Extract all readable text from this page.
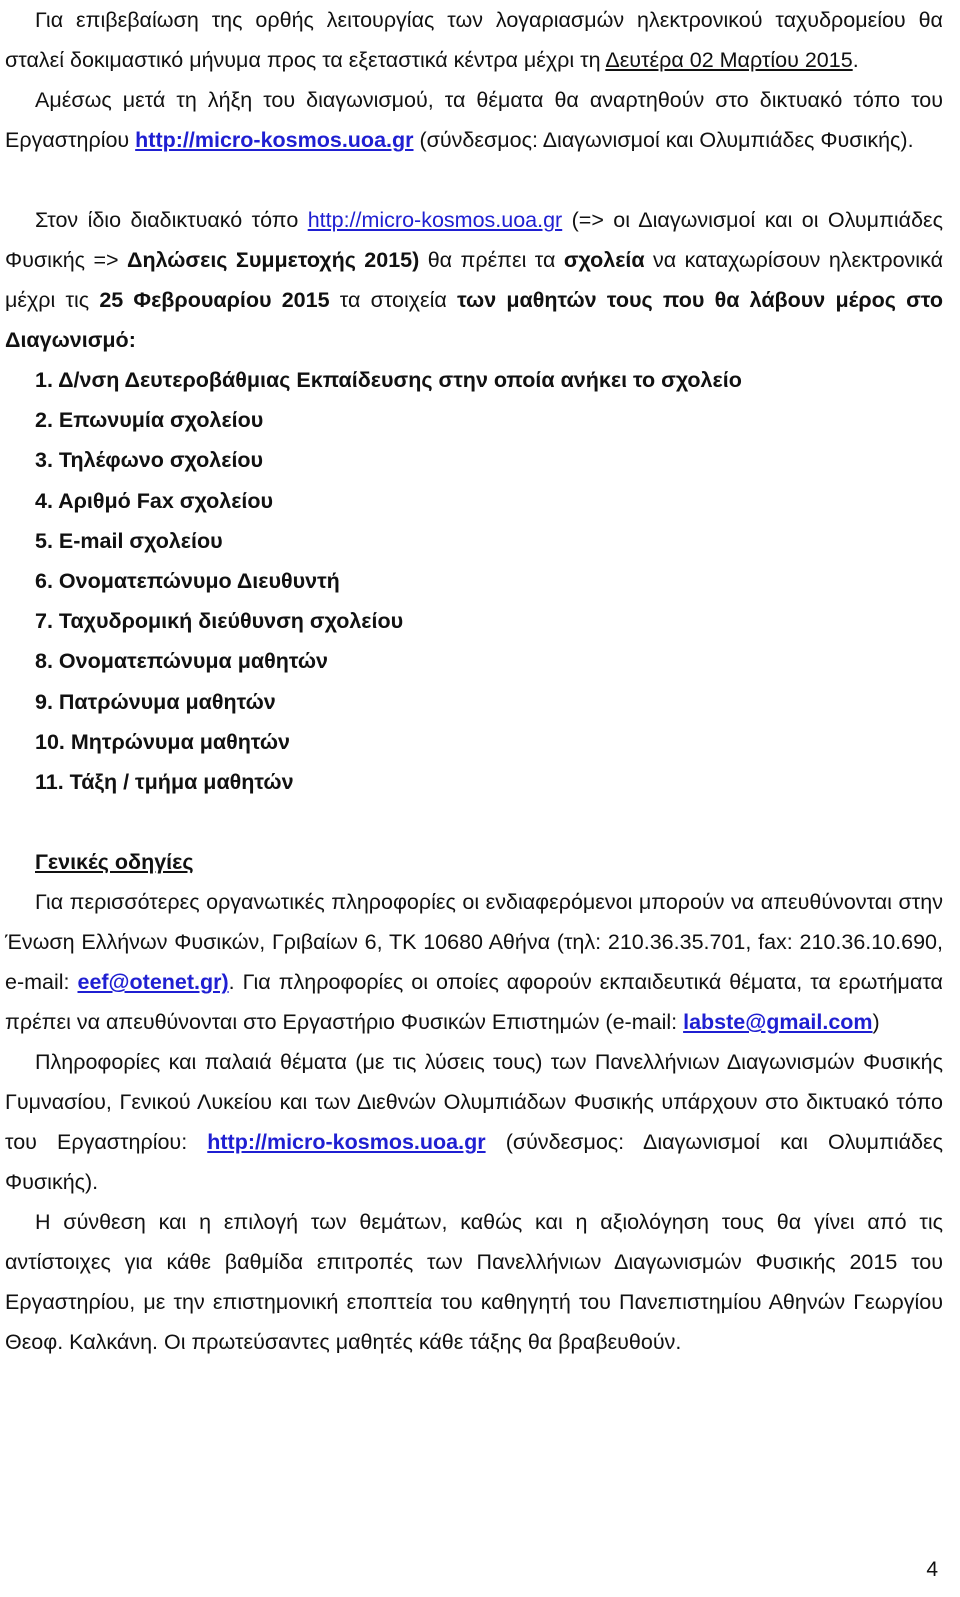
Για επιβεβαίωση της ορθής λειτουργίας των λογαριασμών ηλεκτρονικού ταχυδρομείου θα σταλεί δοκιμαστικό μήνυμα προς τα εξεταστικά κέντρα μέχρι τη Δευτέρα 02 Μαρτίου 2015.

Αμέσως μετά τη λήξη του διαγωνισμού, τα θέματα θα αναρτηθούν στο δικτυακό τόπο του Εργαστηρίου http://micro-kosmos.uoa.gr (σύνδεσμος: Διαγωνισμοί και Ολυμπιάδες Φυσικής).

Στον ίδιο διαδικτυακό τόπο http://micro-kosmos.uoa.gr (=> οι Διαγωνισμοί και οι Ολυμπιάδες Φυσικής => Δηλώσεις Συμμετοχής 2015) θα πρέπει τα σχολεία να καταχωρίσουν ηλεκτρονικά μέχρι τις 25 Φεβρουαρίου 2015 τα στοιχεία των μαθητών τους που θα λάβουν μέρος στο Διαγωνισμό:

1. Δ/νση Δευτεροβάθμιας Εκπαίδευσης στην οποία ανήκει το σχολείο
2. Επωνυμία σχολείου
3. Τηλέφωνο σχολείου
4. Αριθμό Fax σχολείου
5. E-mail σχολείου
6. Ονοματεπώνυμο Διευθυντή
7. Ταχυδρομική διεύθυνση σχολείου
8. Ονοματεπώνυμα μαθητών
9. Πατρώνυμα μαθητών
10. Μητρώνυμα μαθητών
11. Τάξη / τμήμα μαθητών

Γενικές οδηγίες

Για περισσότερες οργανωτικές πληροφορίες οι ενδιαφερόμενοι μπορούν να απευθύνονται στην Ένωση Ελλήνων Φυσικών, Γριβαίων 6, ΤΚ 10680 Αθήνα (τηλ: 210.36.35.701, fax: 210.36.10.690, e-mail: eef@otenet.gr). Για πληροφορίες οι οποίες αφορούν εκπαιδευτικά θέματα, τα ερωτήματα πρέπει να απευθύνονται στο Εργαστήριο Φυσικών Επιστημών (e-mail: labste@gmail.com)

Πληροφορίες και παλαιά θέματα (με τις λύσεις τους) των Πανελλήνιων Διαγωνισμών Φυσικής Γυμνασίου, Γενικού Λυκείου και των Διεθνών Ολυμπιάδων Φυσικής υπάρχουν στο δικτυακό τόπο του Εργαστηρίου: http://micro-kosmos.uoa.gr (σύνδεσμος: Διαγωνισμοί και Ολυμπιάδες Φυσικής).

Η σύνθεση και η επιλογή των θεμάτων, καθώς και η αξιολόγηση τους θα γίνει από τις αντίστοιχες για κάθε βαθμίδα επιτροπές των Πανελλήνιων Διαγωνισμών Φυσικής 2015 του Εργαστηρίου, με την επιστημονική εποπτεία του καθηγητή του Πανεπιστημίου Αθηνών Γεωργίου Θεοφ. Καλκάνη. Οι πρωτεύσαντες μαθητές κάθε τάξης θα βραβευθούν.

4
